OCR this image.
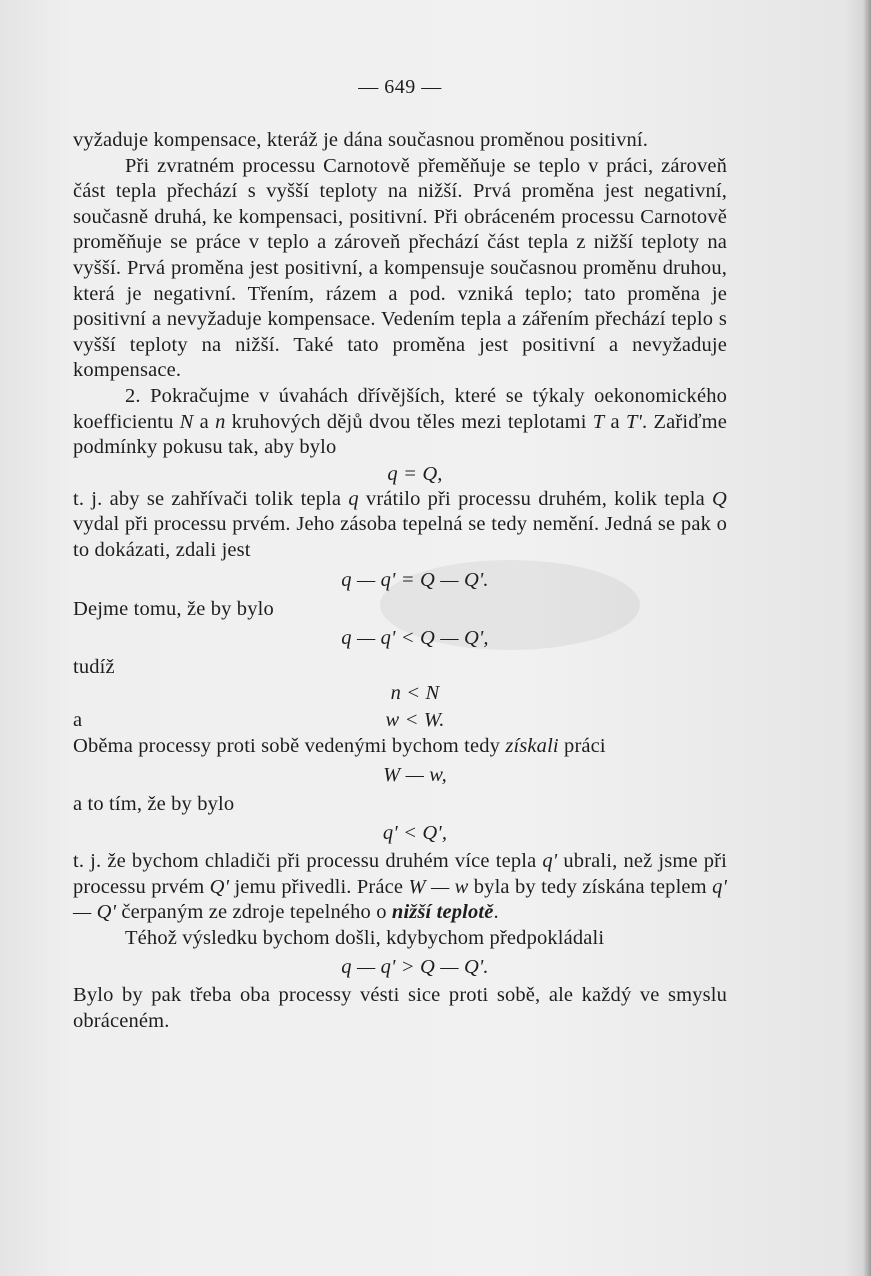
— 649 —

vyžaduje kompensace, kteráž je dána současnou proměnou positivní.

Při zvratném processu Carnotově přeměňuje se teplo v práci, zároveň část tepla přechází s vyšší teploty na nižší. Prvá proměna jest negativní, současně druhá, ke kompensaci, positivní. Při obráceném processu Carnotově proměňuje se práce v teplo a zároveň přechází část tepla z nižší teploty na vyšší. Prvá proměna jest positivní, a kompensuje současnou proměnu druhou, která je negativní. Třením, rázem a pod. vzniká teplo; tato proměna je positivní a nevyžaduje kompensace. Vedením tepla a zářením přechází teplo s vyšší teploty na nižší. Také tato proměna jest positivní a nevyžaduje kompensace.

2. Pokračujme v úvahách dřívějších, které se týkaly oekonomického koefficientu N a n kruhových dějů dvou těles mezi teplotami T a T'. Zařiďme podmínky pokusu tak, aby bylo

q = Q,

t. j. aby se zahřívači tolik tepla q vrátilo při processu druhém, kolik tepla Q vydal při processu prvém. Jeho zásoba tepelná se tedy nemění. Jedná se pak o to dokázati, zdali jest

q — q' = Q — Q'.

Dejme tomu, že by bylo

q — q' < Q — Q',

tudíž

n < N

a	w < W.

Oběma processy proti sobě vedenými bychom tedy získali práci

W — w,

a to tím, že by bylo

q' < Q',

t. j. že bychom chladiči při processu druhém více tepla q' ubrali, než jsme při processu prvém Q' jemu přivedli. Práce W — w byla by tedy získána teplem q' — Q' čerpaným ze zdroje tepelného o nižší teplotě.

Téhož výsledku bychom došli, kdybychom předpokládali

q — q' > Q — Q'.

Bylo by pak třeba oba processy vésti sice proti sobě, ale každý ve smyslu obráceném.
